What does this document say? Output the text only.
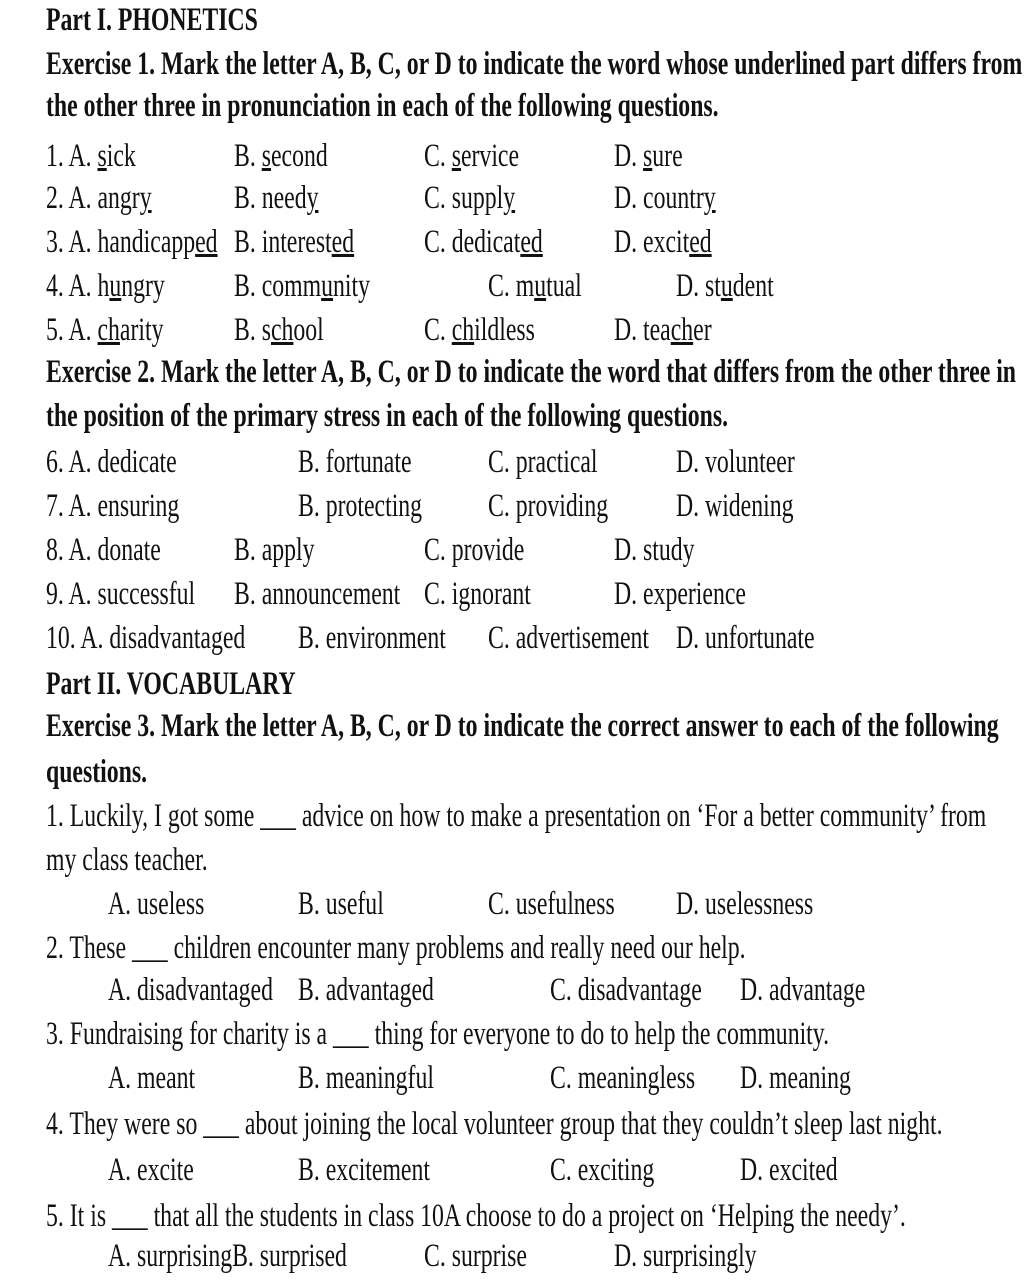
Part I. PHONETICS
Exercise 1. Mark the letter A, B, C, or D to indicate the word whose underlined part differs from
the other three in pronunciation in each of the following questions.
1. A. sick	B. second	C. service	D. sure
2. A. angry B. needy	C. supply	D. country
3. A. handicapped B. interested C. dedicated D. excited
4. A. hungry B. community	C. mutual	D. student
5. A. charity B. school	C. childless D. teacher
Exercise 2. Mark the letter A, B, C, or D to indicate the word that differs from the other three in
the position of the primary stress in each of the following questions.
6. A. dedicate	B. fortunate C. practical D. volunteer
7. A. ensuring	B. protecting C. providing D. widening
8. A. donate B. apply	C. provide	D. study
9. A. successful B. announcement C. ignorant	D. experience
10. A. disadvantaged B. environment C. advertisement D. unfortunate
Part II. VOCABULARY
Exercise 3. Mark the letter A, B, C, or D to indicate the correct answer to each of the following
questions.
1. Luckily, I got some ___ advice on how to make a presentation on ‘For a better community’ from
my class teacher.
A. useless	B. useful	C. usefulness D. uselessness
2. These ___ children encounter many problems and really need our help.
A. disadvantaged B. advantaged	C. disadvantage D. advantage
3. Fundraising for charity is a ___ thing for everyone to do to help the community.
A. meant	B. meaningful	C. meaningless D. meaning
4. They were so ___ about joining the local volunteer group that they couldn’t sleep last night.
A. excite	B. excitement	C. exciting	D. excited
5. It is ___ that all the students in class 10A choose to do a project on ‘Helping the needy’.
A. surprisingB. surprised C. surprise	D. surprisingly
